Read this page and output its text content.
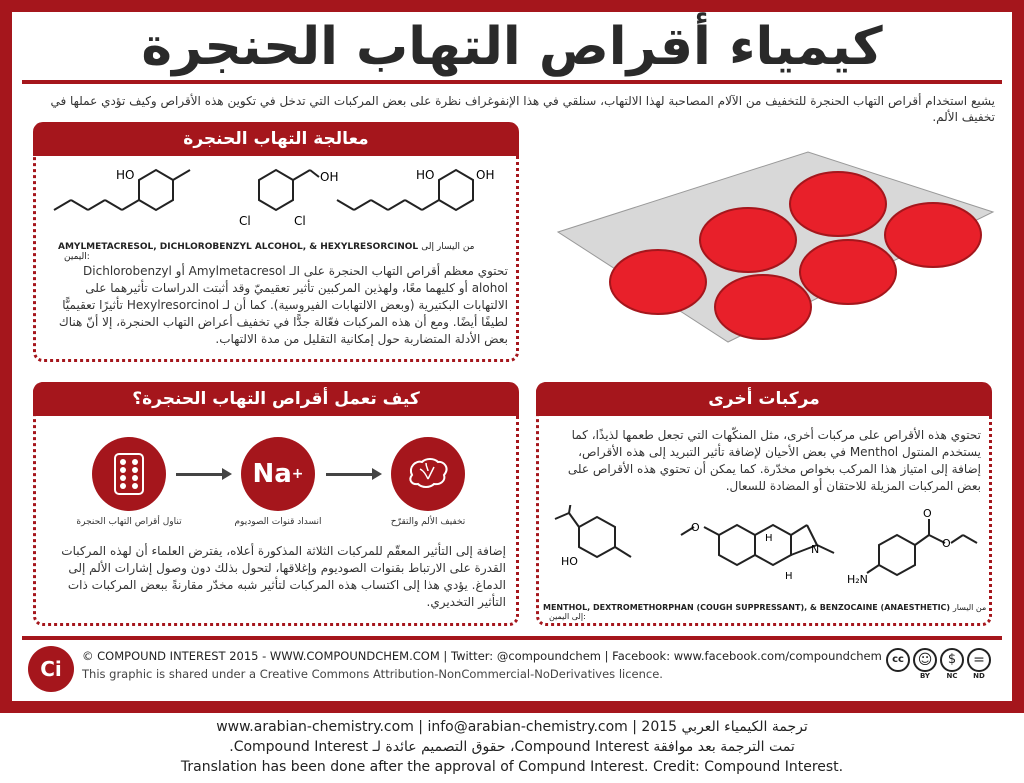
كيمياء أقراص التهاب الحنجرة
يشيع استخدام أقراص التهاب الحنجرة للتخفيف من الآلام المصاحبة لهذا الالتهاب، سنلقي في هذا الإنفوغراف نظرة على بعض المركبات التي تدخل في تكوين هذه الأقراص وكيف تؤدي عملها في تخفيف الألم.
معالجة التهاب الحنجرة
HO	OH
Cl	Cl
HO	OH
AMYLMETACRESOL, DICHLOROBENZYL ALCOHOL, & HEXYLRESORCINOL من اليسار إلى اليمين:
تحتوي معظم أقراص التهاب الحنجرة على الـ Amylmetacresol أو Dichlorobenzyl alohol أو كليهما معًا، ولهذين المركبين تأثير تعقيميّ وقد أثبتت الدراسات تأثيرهما على الالتهابات البكتيرية (وبعض الالتهابات الفيروسية). كما أن لـ Hexylresorcinol تأثيرًا تعقيميًّا لطيفًا أيضًا. ومع أن هذه المركبات فعّالة جدًّا في تخفيف أعراض التهاب الحنجرة، إلا أنّ هناك بعض الأدلة المتضاربة حول إمكانية التقليل من مدة الالتهاب.
كيف تعمل أقراص التهاب الحنجرة؟
Na +
تناول أقراص التهاب الحنجرة	انسداد قنوات الصوديوم	تخفيف الألم والتقرّح
إضافة إلى التأثير المعقّم للمركبات الثلاثة المذكورة أعلاه، يفترض العلماء أن لهذه المركبات القدرة على الارتباط بقنوات الصوديوم وإغلاقها، لتحول بذلك دون وصول إشارات الألم إلى الدماغ. يؤدي هذا إلى اكتساب هذه المركبات لتأثير شبه مخدّر مقارنةً ببعض المركبات ذات التأثير التخديري.
مركبات أخرى
تحتوي هذه الأقراص على مركبات أخرى، مثل المنكّهات التي تجعل طعمها لذيذًا، كما يستخدم المنتول Menthol في بعض الأحيان لإضافة تأثير التبريد إلى هذه الأقراص، إضافة إلى امتياز هذا المركب بخواص مخدّرة. كما يمكن أن تحتوي هذه الأقراص على بعض المركبات المزيلة للاحتقان أو المضادة للسعال.
HO
O
H
H
N
O
O
H₂N
MENTHOL, DEXTROMETHORPHAN (COUGH SUPPRESSANT), & BENZOCAINE (ANAESTHETIC) من اليسار إلى اليمين:
Ci
© COMPOUND INTEREST 2015 - WWW.COMPOUNDCHEM.COM | Twitter: @compoundchem | Facebook: www.facebook.com/compoundchem
This graphic is shared under a Creative Commons Attribution-NonCommercial-NoDerivatives licence.
cc ☺
BY
$
NC
=
ND
www.arabian-chemistry.com | info@arabian-chemistry.com | 2015 ترجمة الكيمياء العربي
تمت الترجمة بعد موافقة Compound Interest، حقوق التصميم عائدة لـ Compound Interest.
Translation has been done after the approval of Compund Interest. Credit: Compound Interest.
